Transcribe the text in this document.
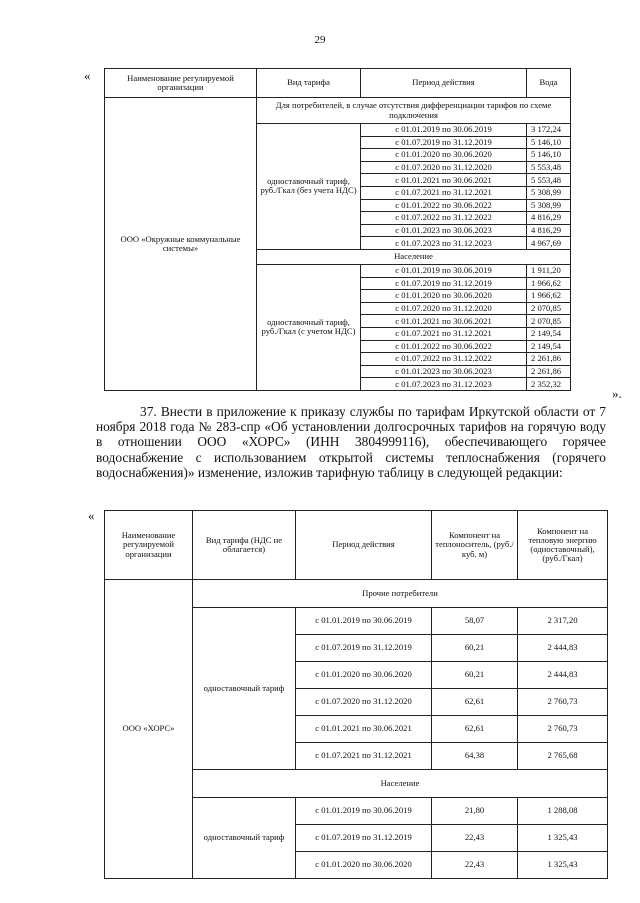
29
«	Наименование регулируемой организации	Вид тарифа	Период действия	Вода
ООО «Окружные коммунальные системы»	Для потребителей, в случае отсутствия дифференциации тарифов по схеме подключения		
	одноставочный тариф, руб./Гкал (без учета НДС)	с 01.01.2019 по 30.06.2019	3 172,24
		с 01.07.2019 по 31.12.2019	5 146,10
		с 01.01.2020 по 30.06.2020	5 146,10
		с 01.07.2020 по 31.12.2020	5 553,48
		с 01.01.2021 по 30.06.2021	5 553,48
		с 01.07.2021 по 31.12.2021	5 308,99
		с 01.01.2022 по 30.06.2022	5 308,99
		с 01.07.2022 по 31.12.2022	4 816,29
		с 01.01.2023 по 30.06.2023	4 816,29
		с 01.07.2023 по 31.12.2023	4 967,69
	Население		
	одноставочный тариф, руб./Гкал (с учетом НДС)	с 01.01.2019 по 30.06.2019	1 911,20
		с 01.07.2019 по 31.12.2019	1 966,62
		с 01.01.2020 по 30.06.2020	1 966,62
		с 01.07.2020 по 31.12.2020	2 070,85
		с 01.01.2021 по 30.06.2021	2 070,85
		с 01.07.2021 по 31.12.2021	2 149,54
		с 01.01.2022 по 30.06.2022	2 149,54
		с 01.07.2022 по 31.12.2022	2 261,86
		с 01.01.2023 по 30.06.2023	2 261,86
		с 01.07.2023 по 31.12.2023	2 352,32
».
37. Внести в приложение к приказу службы по тарифам Иркутской области от 7 ноября 2018 года № 283-спр «Об установлении долгосрочных тарифов на горячую воду в отношении ООО «ХОРС» (ИНН 3804999116), обеспечивающего горячее водоснабжение с использованием открытой системы теплоснабжения (горячего водоснабжения)» изменение, изложив тарифную таблицу в следующей редакции:
«
Наименование регулируемой организации	Вид тарифа (НДС не облагается)	Период действия	Компонент на теплоноситель, (руб./куб. м)	Компонент на тепловую энергию (одноставочный), (руб./Гкал)
ООО «ХОРС»	Прочие потребители			
	одноставочный тариф	с 01.01.2019 по 30.06.2019	58,07	2 317,20
		с 01.07.2019 по 31.12.2019	60,21	2 444,83
		с 01.01.2020 по 30.06.2020	60,21	2 444,83
		с 01.07.2020 по 31.12.2020	62,61	2 760,73
		с 01.01.2021 по 30.06.2021	62,61	2 760,73
		с 01.07.2021 по 31.12.2021	64,38	2 765,68
	Население			
	одноставочный тариф	с 01.01.2019 по 30.06.2019	21,80	1 288,08
		с 01.07.2019 по 31.12.2019	22,43	1 325,43
		с 01.01.2020 по 30.06.2020	22,43	1 325,43
